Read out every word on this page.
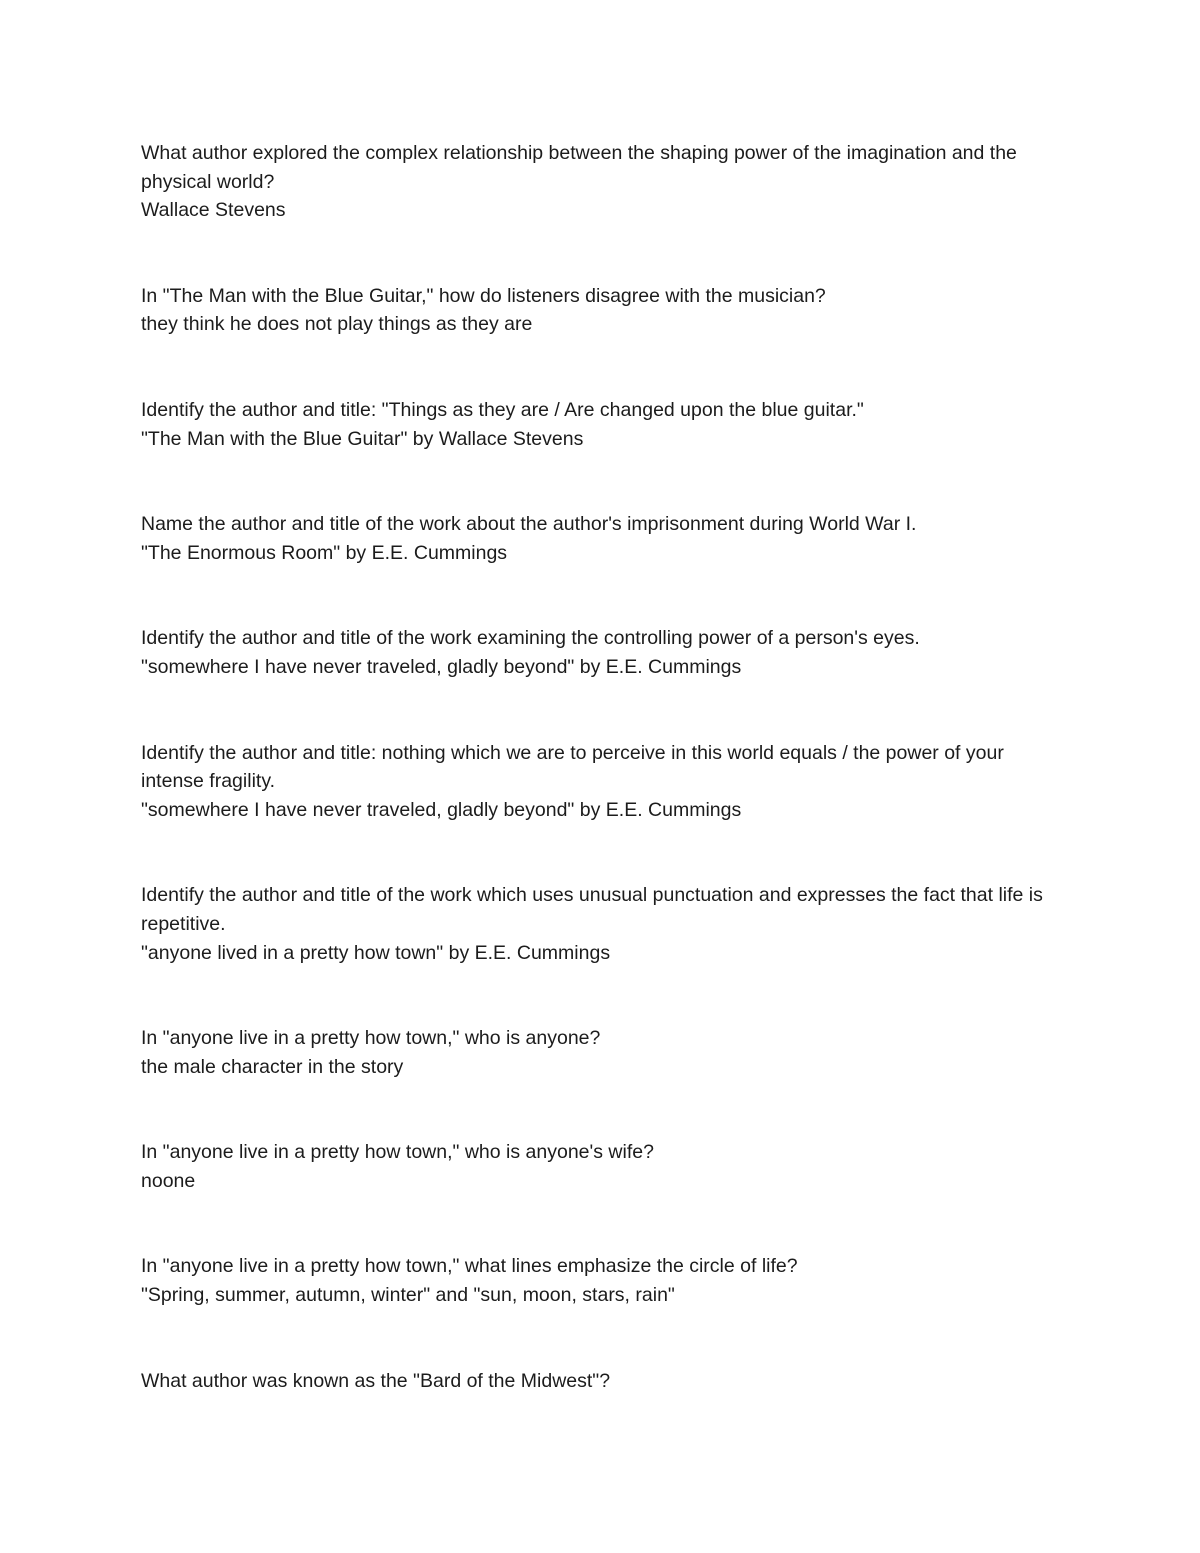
What author explored the complex relationship between the shaping power of the imagination and the physical world?

Wallace Stevens

In "The Man with the Blue Guitar," how do listeners disagree with the musician?

they think he does not play things as they are

Identify the author and title: "Things as they are / Are changed upon the blue guitar."

"The Man with the Blue Guitar" by Wallace Stevens

Name the author and title of the work about the author's imprisonment during World War I.

"The Enormous Room" by E.E. Cummings

Identify the author and title of the work examining the controlling power of a person's eyes.

"somewhere I have never traveled, gladly beyond" by E.E. Cummings

Identify the author and title: nothing which we are to perceive in this world equals / the power of your intense fragility.

"somewhere I have never traveled, gladly beyond" by E.E. Cummings

Identify the author and title of the work which uses unusual punctuation and expresses the fact that life is repetitive.

"anyone lived in a pretty how town" by E.E. Cummings

In "anyone live in a pretty how town," who is anyone?

the male character in the story

In "anyone live in a pretty how town," who is anyone's wife?

noone

In "anyone live in a pretty how town," what lines emphasize the circle of life?

"Spring, summer, autumn, winter" and "sun, moon, stars, rain"

What author was known as the "Bard of the Midwest"?
